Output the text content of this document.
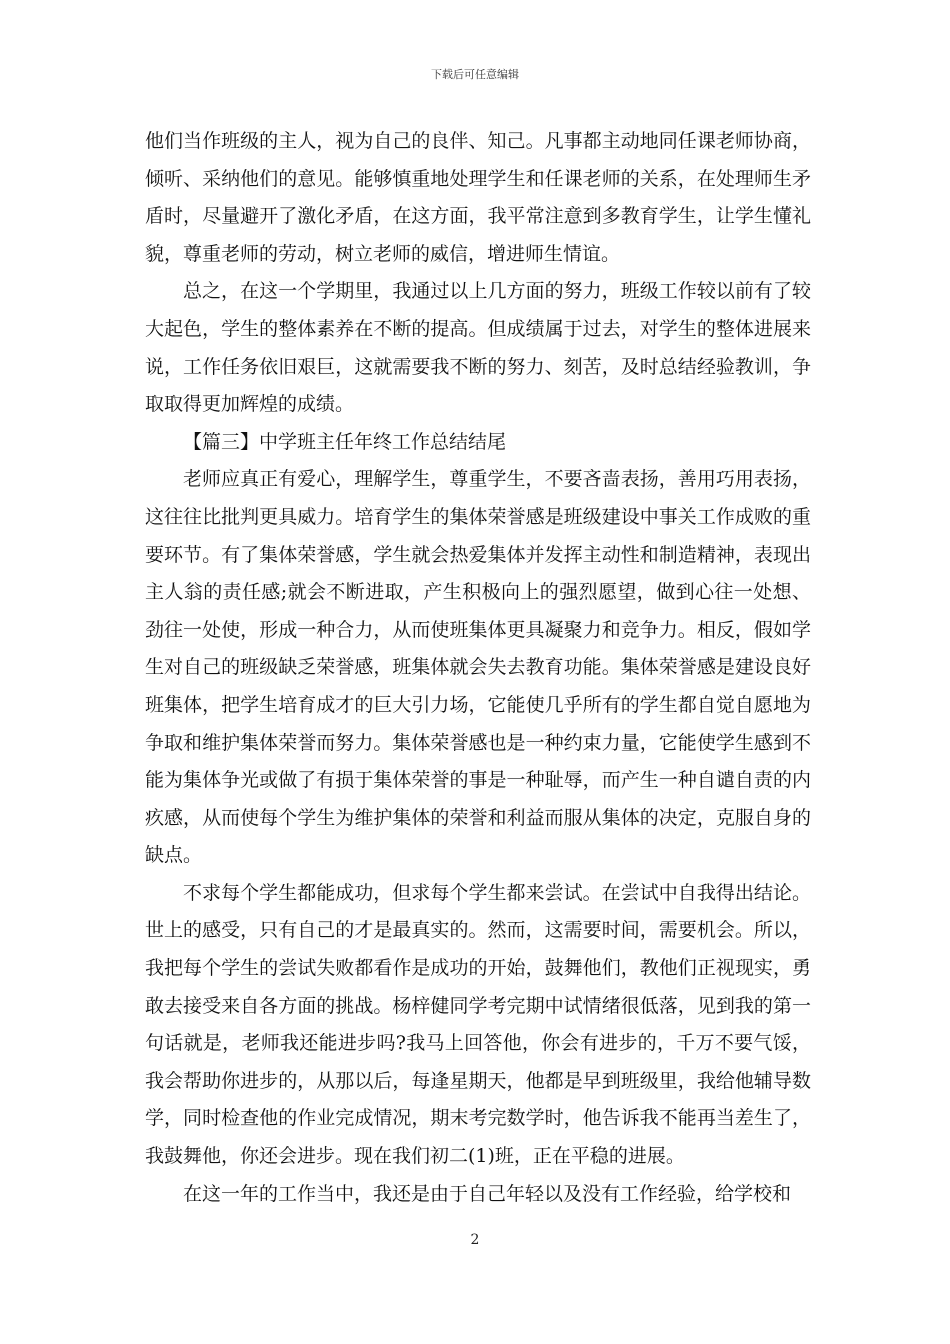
下载后可任意编辑

他们当作班级的主人，视为自己的良伴、知己。凡事都主动地同任课老师协商，倾听、采纳他们的意见。能够慎重地处理学生和任课老师的关系，在处理师生矛盾时，尽量避开了激化矛盾，在这方面，我平常注意到多教育学生，让学生懂礼貌，尊重老师的劳动，树立老师的威信，增进师生情谊。

总之，在这一个学期里，我通过以上几方面的努力，班级工作较以前有了较大起色，学生的整体素养在不断的提高。但成绩属于过去，对学生的整体进展来说，工作任务依旧艰巨，这就需要我不断的努力、刻苦，及时总结经验教训，争取取得更加辉煌的成绩。

【篇三】中学班主任年终工作总结结尾

老师应真正有爱心，理解学生，尊重学生，不要吝啬表扬，善用巧用表扬，这往往比批判更具威力。培育学生的集体荣誉感是班级建设中事关工作成败的重要环节。有了集体荣誉感，学生就会热爱集体并发挥主动性和制造精神，表现出主人翁的责任感;就会不断进取，产生积极向上的强烈愿望，做到心往一处想、劲往一处使，形成一种合力，从而使班集体更具凝聚力和竞争力。相反，假如学生对自己的班级缺乏荣誉感，班集体就会失去教育功能。集体荣誉感是建设良好班集体，把学生培育成才的巨大引力场，它能使几乎所有的学生都自觉自愿地为争取和维护集体荣誉而努力。集体荣誉感也是一种约束力量，它能使学生感到不能为集体争光或做了有损于集体荣誉的事是一种耻辱，而产生一种自谴自责的内疚感，从而使每个学生为维护集体的荣誉和利益而服从集体的决定，克服自身的缺点。

不求每个学生都能成功，但求每个学生都来尝试。在尝试中自我得出结论。世上的感受，只有自己的才是最真实的。然而，这需要时间，需要机会。所以，我把每个学生的尝试失败都看作是成功的开始，鼓舞他们，教他们正视现实，勇敢去接受来自各方面的挑战。杨梓健同学考完期中试情绪很低落，见到我的第一句话就是，老师我还能进步吗?我马上回答他，你会有进步的，千万不要气馁，我会帮助你进步的，从那以后，每逢星期天，他都是早到班级里，我给他辅导数学，同时检查他的作业完成情况，期末考完数学时，他告诉我不能再当差生了，我鼓舞他，你还会进步。现在我们初二(1)班，正在平稳的进展。

在这一年的工作当中，我还是由于自己年轻以及没有工作经验，给学校和

2
